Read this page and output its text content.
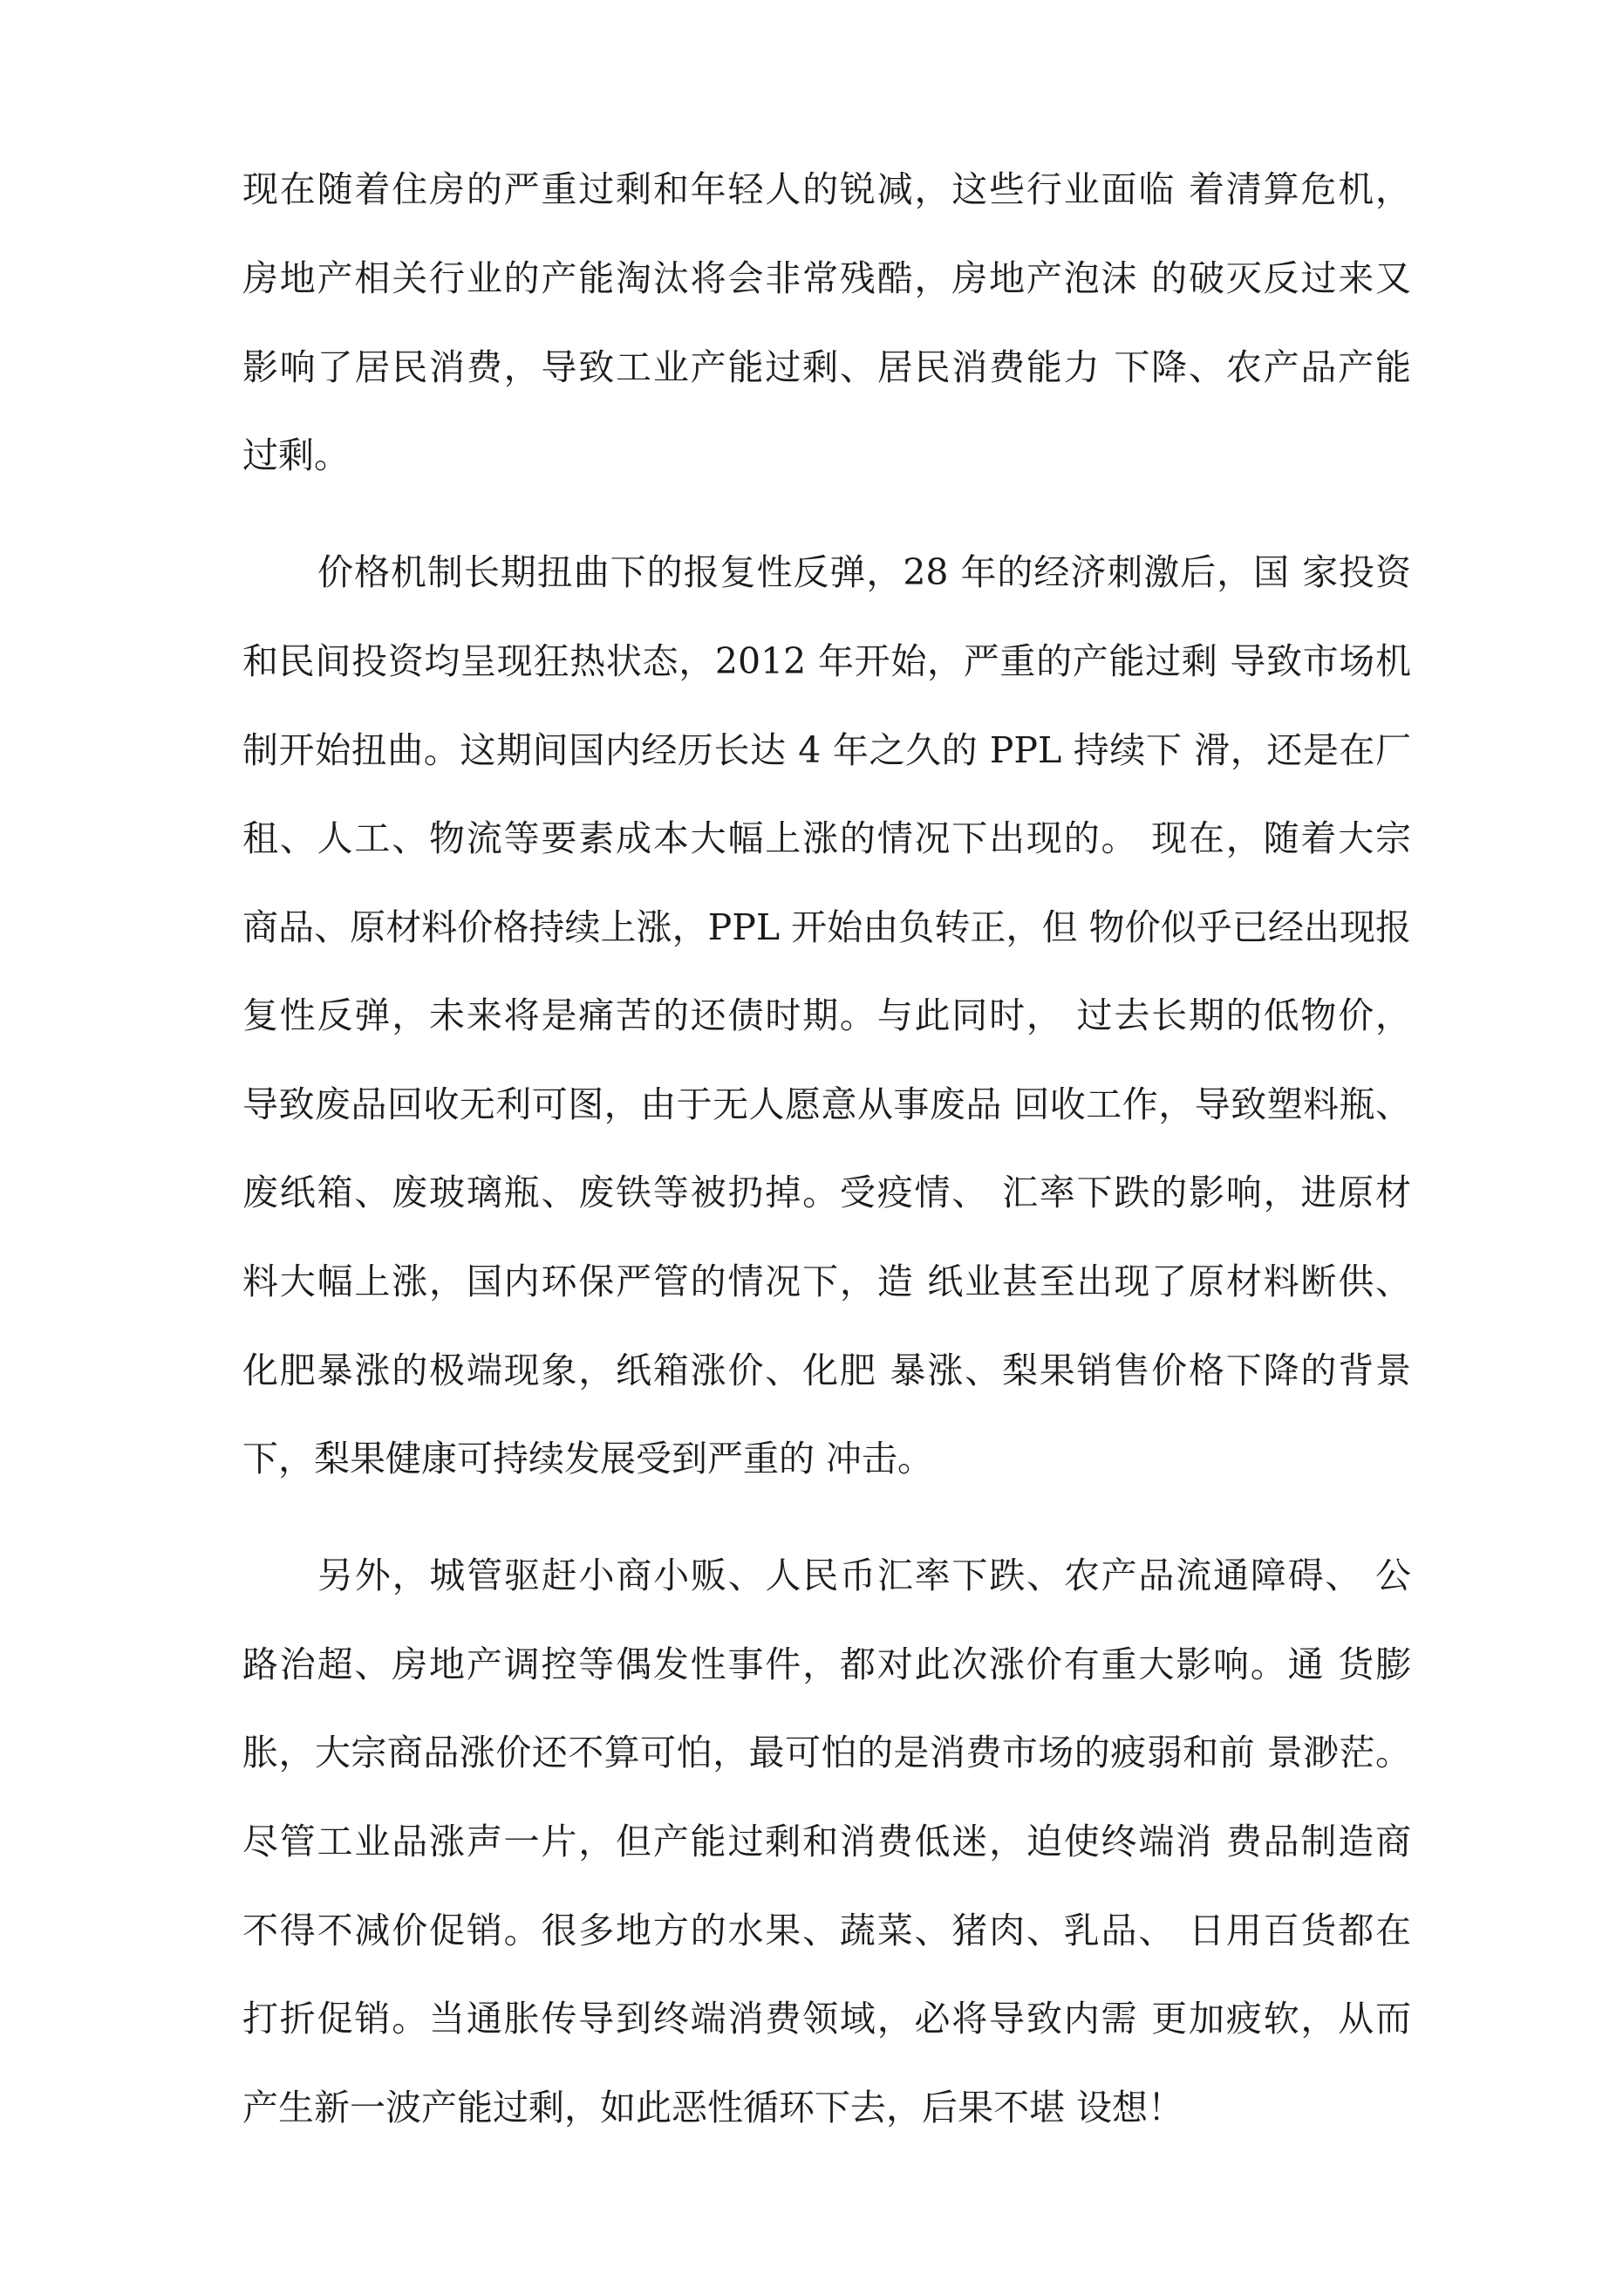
现在随着住房的严重过剩和年轻人的锐减，这些行业面临 着清算危机，
房地产相关行业的产能淘汰将会非常残酷，房地产泡沫 的破灭反过来又
影响了居民消费，导致工业产能过剩、居民消费能力 下降、农产品产能
过剩。
价格机制长期扭曲下的报复性反弹，28 年的经济刺激后，国 家投资
和民间投资均呈现狂热状态，2012 年开始，严重的产能过剩 导致市场机
制开始扭曲。这期间国内经历长达 4 年之久的 PPL 持续下 滑，还是在厂
租、人工、物流等要素成本大幅上涨的情况下出现的。 现在，随着大宗
商品、原材料价格持续上涨，PPL 开始由负转正，但 物价似乎已经出现报
复性反弹，未来将是痛苦的还债时期。与此同时， 过去长期的低物价，
导致废品回收无利可图，由于无人愿意从事废品 回收工作，导致塑料瓶、
废纸箱、废玻璃瓶、废铁等被扔掉。受疫情、 汇率下跌的影响，进原材
料大幅上涨，国内环保严管的情况下，造 纸业甚至出现了原材料断供、
化肥暴涨的极端现象，纸箱涨价、化肥 暴涨、梨果销售价格下降的背景
下，梨果健康可持续发展受到严重的 冲击。
另外，城管驱赶小商小贩、人民币汇率下跌、农产品流通障碍、 公
路治超、房地产调控等偶发性事件，都对此次涨价有重大影响。通 货膨
胀，大宗商品涨价还不算可怕，最可怕的是消费市场的疲弱和前 景渺茫。
尽管工业品涨声一片，但产能过剩和消费低迷，迫使终端消 费品制造商
不得不减价促销。很多地方的水果、蔬菜、猪肉、乳品、 日用百货都在
打折促销。当通胀传导到终端消费领域，必将导致内需 更加疲软，从而
产生新一波产能过剩，如此恶性循环下去，后果不堪 设想！
